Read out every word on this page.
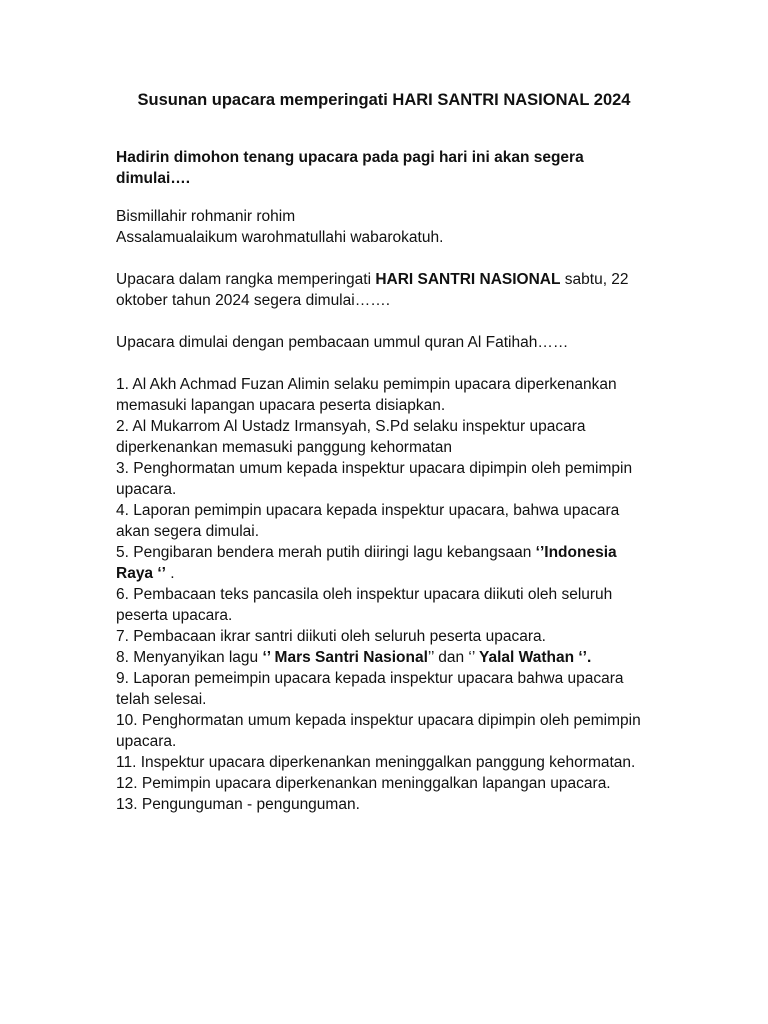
Susunan upacara memperingati HARI SANTRI NASIONAL 2024

Hadirin dimohon tenang upacara pada pagi hari ini akan segera dimulai….

Bismillahir rohmanir rohim

Assalamualaikum warohmatullahi wabarokatuh.

Upacara dalam rangka memperingati HARI SANTRI NASIONAL sabtu, 22 oktober tahun 2024 segera dimulai…….

Upacara dimulai dengan pembacaan ummul quran Al Fatihah……

1. Al Akh Achmad Fuzan Alimin selaku pemimpin upacara diperkenankan memasuki lapangan upacara peserta disiapkan.

2. Al Mukarrom Al Ustadz Irmansyah, S.Pd selaku inspektur upacara diperkenankan memasuki panggung kehormatan

3. Penghormatan umum kepada inspektur upacara dipimpin oleh pemimpin upacara.

4. Laporan pemimpin upacara kepada inspektur upacara, bahwa upacara akan segera dimulai.

5. Pengibaran bendera merah putih diiringi lagu kebangsaan ‘’Indonesia Raya ‘’ .

6. Pembacaan teks pancasila oleh inspektur upacara diikuti oleh seluruh peserta upacara.

7. Pembacaan ikrar santri diikuti oleh seluruh peserta upacara.

8. Menyanyikan lagu ‘’ Mars Santri Nasional’’ dan ‘’ Yalal Wathan ‘’.

9. Laporan pemeimpin upacara kepada inspektur upacara bahwa upacara telah selesai.

10. Penghormatan umum kepada inspektur upacara dipimpin oleh pemimpin upacara.

11. Inspektur upacara diperkenankan meninggalkan panggung kehormatan.

12. Pemimpin upacara diperkenankan meninggalkan lapangan upacara.

13. Pengunguman - pengunguman.
